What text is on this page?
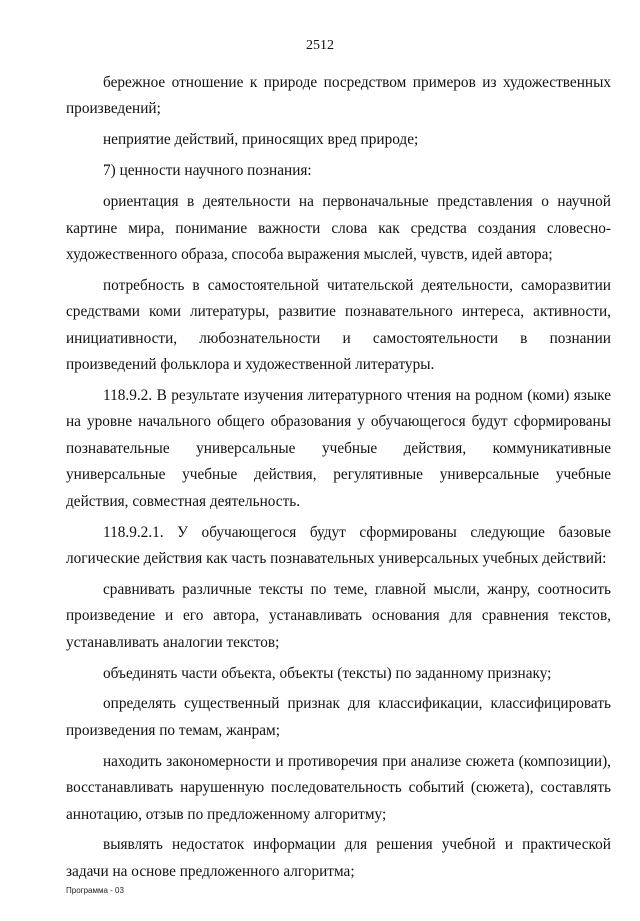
2512

бережное отношение к природе посредством примеров из художественных произведений;

неприятие действий, приносящих вред природе;

7) ценности научного познания:

ориентация в деятельности на первоначальные представления о научной картине мира, понимание важности слова как средства создания словесно-художественного образа, способа выражения мыслей, чувств, идей автора;

потребность в самостоятельной читательской деятельности, саморазвитии средствами коми литературы, развитие познавательного интереса, активности, инициативности, любознательности и самостоятельности в познании произведений фольклора и художественной литературы.

118.9.2. В результате изучения литературного чтения на родном (коми) языке на уровне начального общего образования у обучающегося будут сформированы познавательные универсальные учебные действия, коммуникативные универсальные учебные действия, регулятивные универсальные учебные действия, совместная деятельность.

118.9.2.1. У обучающегося будут сформированы следующие базовые логические действия как часть познавательных универсальных учебных действий:

сравнивать различные тексты по теме, главной мысли, жанру, соотносить произведение и его автора, устанавливать основания для сравнения текстов, устанавливать аналогии текстов;

объединять части объекта, объекты (тексты) по заданному признаку;

определять существенный признак для классификации, классифицировать произведения по темам, жанрам;

находить закономерности и противоречия при анализе сюжета (композиции), восстанавливать нарушенную последовательность событий (сюжета), составлять аннотацию, отзыв по предложенному алгоритму;

выявлять недостаток информации для решения учебной и практической задачи на основе предложенного алгоритма;

Программа - 03
